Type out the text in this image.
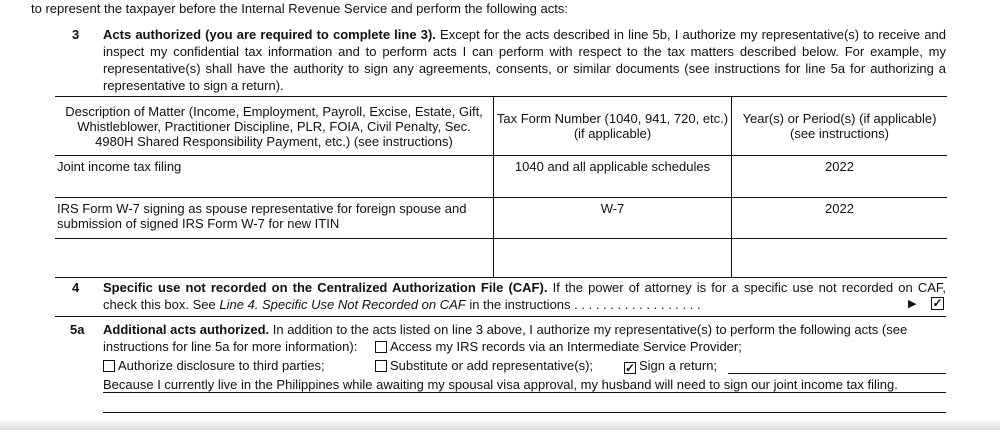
to represent the taxpayer before the Internal Revenue Service and perform the following acts:
3 Acts authorized (you are required to complete line 3). Except for the acts described in line 5b, I authorize my representative(s) to receive and inspect my confidential tax information and to perform acts I can perform with respect to the tax matters described below. For example, my representative(s) shall have the authority to sign any agreements, consents, or similar documents (see instructions for line 5a for authorizing a representative to sign a return).
Description of Matter (Income, Employment, Payroll, Excise, Estate, Gift, Whistleblower, Practitioner Discipline, PLR, FOIA, Civil Penalty, Sec. 4980H Shared Responsibility Payment, etc.) (see instructions)	Tax Form Number (1040, 941, 720, etc.) (if applicable)	Year(s) or Period(s) (if applicable) (see instructions)
Joint income tax filing	1040 and all applicable schedules	2022
IRS Form W-7 signing as spouse representative for foreign spouse and submission of signed IRS Form W-7 for new ITIN	W-7	2022

4 Specific use not recorded on the Centralized Authorization File (CAF). If the power of attorney is for a specific use not recorded on CAF, check this box. See Line 4. Specific Use Not Recorded on CAF in the instructions . . . . . . . . . . . . . . . . . .	▶ ✓
5a Additional acts authorized. In addition to the acts listed on line 3 above, I authorize my representative(s) to perform the following acts (see instructions for line 5a for more information):	Access my IRS records via an Intermediate Service Provider;
Authorize disclosure to third parties;	Substitute or add representative(s);	✓ Sign a return;
Because I currently live in the Philippines while awaiting my spousal visa approval, my husband will need to sign our joint income tax filing.
